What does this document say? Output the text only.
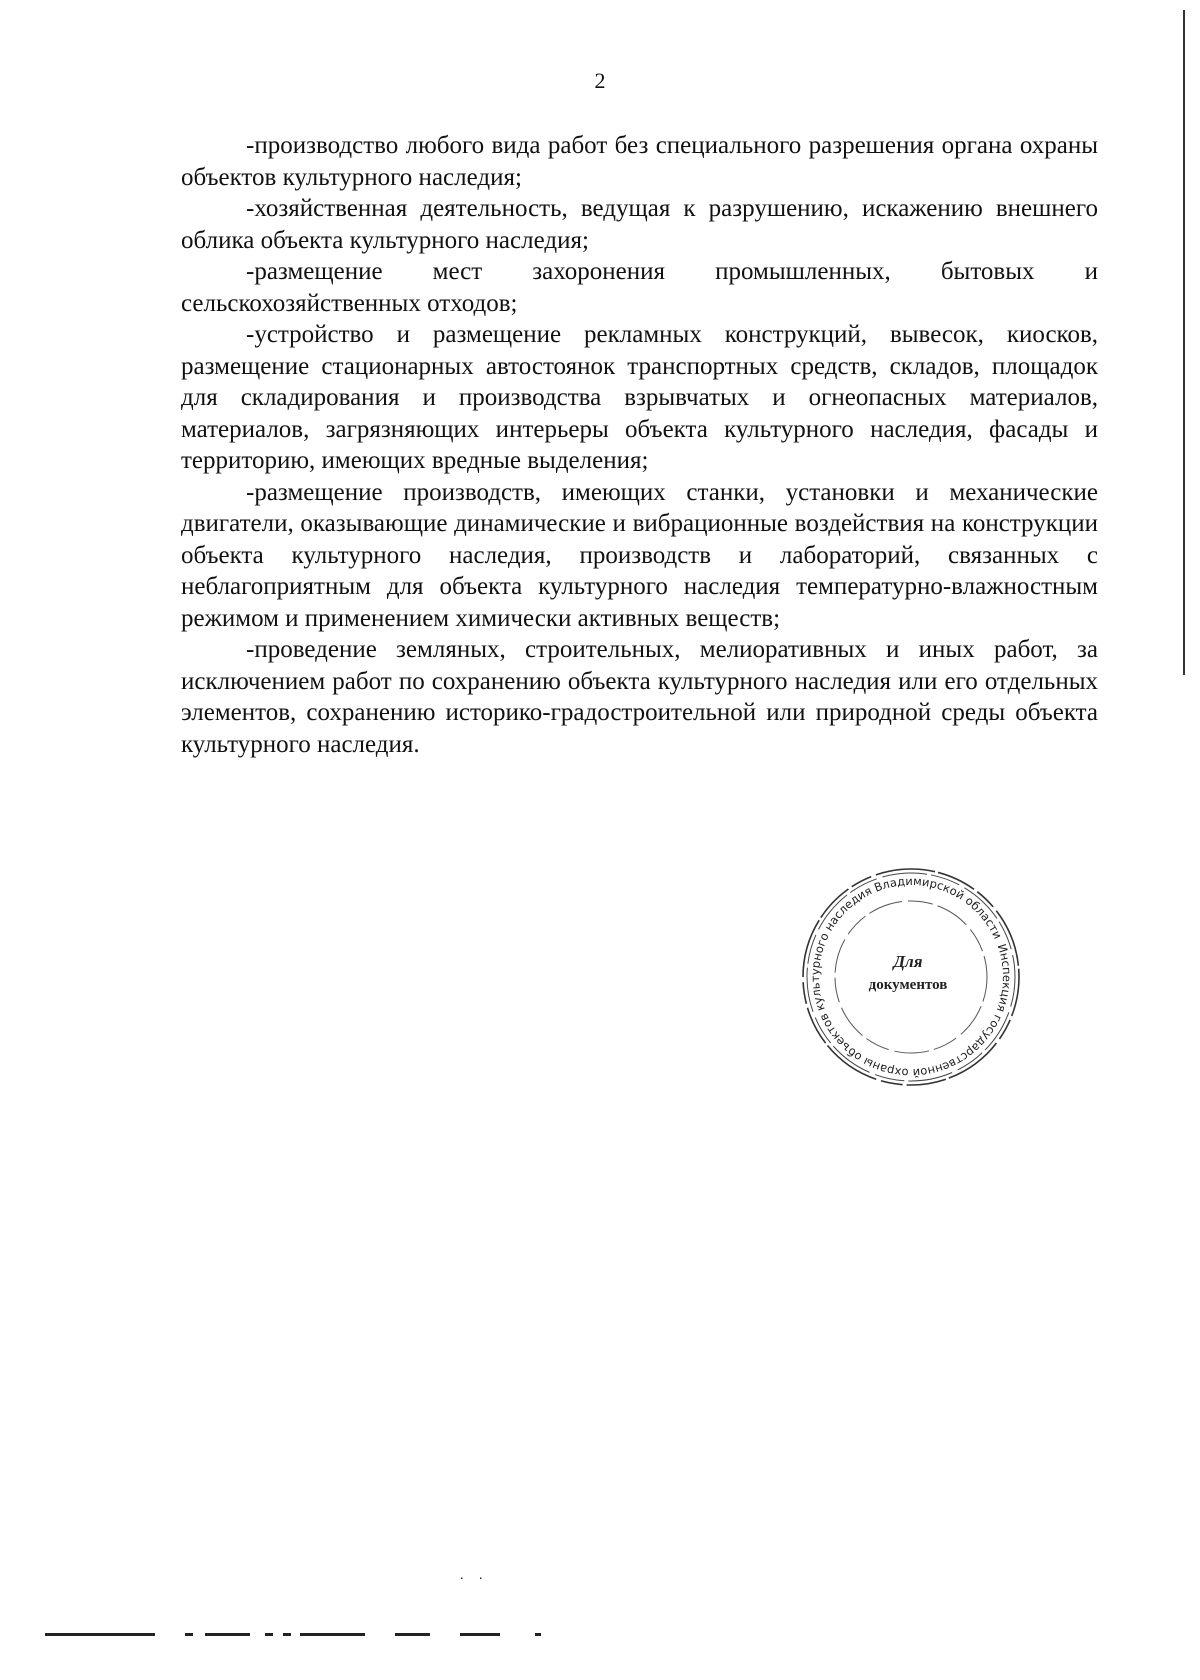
2

-производство любого вида работ без специального разрешения органа охраны объектов культурного наследия;

-хозяйственная деятельность, ведущая к разрушению, искажению внешнего облика объекта культурного наследия;

-размещение мест захоронения промышленных, бытовых и сельскохозяйственных отходов;

-устройство и размещение рекламных конструкций, вывесок, киосков, размещение стационарных автостоянок транспортных средств, складов, площадок для складирования и производства взрывчатых и огнеопасных материалов, материалов, загрязняющих интерьеры объекта культурного наследия, фасады и территорию, имеющих вредные выделения;

-размещение производств, имеющих станки, установки и механические двигатели, оказывающие динамические и вибрационные воздействия на конструкции объекта культурного наследия, производств и лабораторий, связанных с неблагоприятным для объекта культурного наследия температурно-влажностным режимом и применением химически активных веществ;

-проведение земляных, строительных, мелиоративных и иных работ, за исключением работ по сохранению объекта культурного наследия или его отдельных элементов, сохранению историко-градостроительной или природной среды объекта культурного наследия.

Инспекция государственной охраны объектов культурного наследия Владимирской области
Для
документов
. .
